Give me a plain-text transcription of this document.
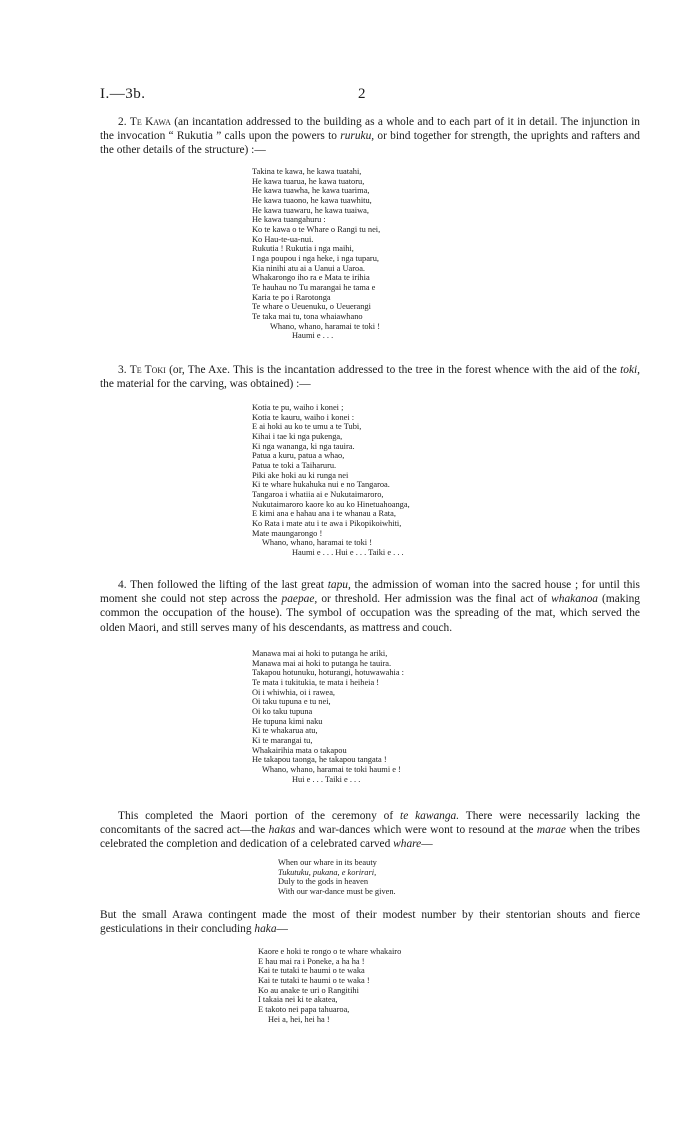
I.—3b.	2

2. Te Kawa (an incantation addressed to the building as a whole and to each part of it in detail. The injunction in the invocation “ Rukutia ” calls upon the powers to ruruku, or bind together for strength, the uprights and rafters and the other details of the structure) :—

Takina te kawa, he kawa tuatahi,
He kawa tuarua, he kawa tuatoru,
He kawa tuawha, he kawa tuarima,
He kawa tuaono, he kawa tuawhitu,
He kawa tuawaru, he kawa tuaiwa,
He kawa tuangahuru :
Ko te kawa o te Whare o Rangi tu nei,
Ko Hau-te-ua-nui.
Rukutia ! Rukutia i nga maihi,
I nga poupou i nga heke, i nga tuparu,
Kia ninihi atu ai a Uanui a Uaroa.
Whakarongo iho ra e Mata te irihia
Te hauhau no Tu marangai he tama e
Karia te po i Rarotonga
Te whare o Ueuenuku, o Ueuerangi
Te taka mai tu, tona whaiawhano
Whano, whano, haramai te toki !
Haumi e . . .

3. Te Toki (or, The Axe. This is the incantation addressed to the tree in the forest whence with the aid of the toki, the material for the carving, was obtained) :—

Kotia te pu, waiho i konei ;
Kotia te kauru, waiho i konei :
E ai hoki au ko te umu a te Tubi,
Kihai i tae ki nga pukenga,
Ki nga wananga, ki nga tauira.
Patua a kuru, patua a whao,
Patua te toki a Taiharuru.
Piki ake hoki au ki runga nei
Ki te whare hukahuka nui e no Tangaroa.
Tangaroa i whatiia ai e Nukutaimaroro,
Nukutaimaroro kaore ko au ko Hinetuahoanga,
E kimi ana e hahau ana i te whanau a Rata,
Ko Rata i mate atu i te awa i Pikopikoiwhiti,
Mate maungarongo !
Whano, whano, haramai te toki !
Haumi e . . . Hui e . . . Taiki e . . .

4. Then followed the lifting of the last great tapu, the admission of woman into the sacred house ; for until this moment she could not step across the paepae, or threshold. Her admission was the final act of whakanoa (making common the occupation of the house). The symbol of occupation was the spreading of the mat, which served the olden Maori, and still serves many of his descendants, as mattress and couch.

Manawa mai ai hoki to putanga he ariki,
Manawa mai ai hoki to putanga he tauira.
Takapou hotunuku, hoturangi, hotuwawahia :
Te mata i tukitukia, te mata i heiheia !
Oi i whiwhia, oi i rawea,
Oi taku tupuna e tu nei,
Oi ko taku tupuna
He tupuna kimi naku
Ki te whakarua atu,
Ki te marangai tu,
Whakairihia mata o takapou
He takapou taonga, he takapou tangata !
Whano, whano, haramai te toki haumi e !
Hui e . . . Taiki e . . .

This completed the Maori portion of the ceremony of te kawanga. There were necessarily lacking the concomitants of the sacred act—the hakas and war-dances which were wont to resound at the marae when the tribes celebrated the completion and dedication of a celebrated carved whare—

When our whare in its beauty
Tukutuku, pukana, e korirari,
Duly to the gods in heaven
With our war-dance must be given.

But the small Arawa contingent made the most of their modest number by their stentorian shouts and fierce gesticulations in their concluding haka—

Kaore e hoki te rongo o te whare whakairo
E hau mai ra i Poneke, a ha ha !
Kai te tutaki te haumi o te waka
Kai te tutaki te haumi o te waka !
Ko au anake te uri o Rangitihi
I takaia nei ki te akatea,
E takoto nei papa tahuaroa,
Hei a, hei, hei ha !
